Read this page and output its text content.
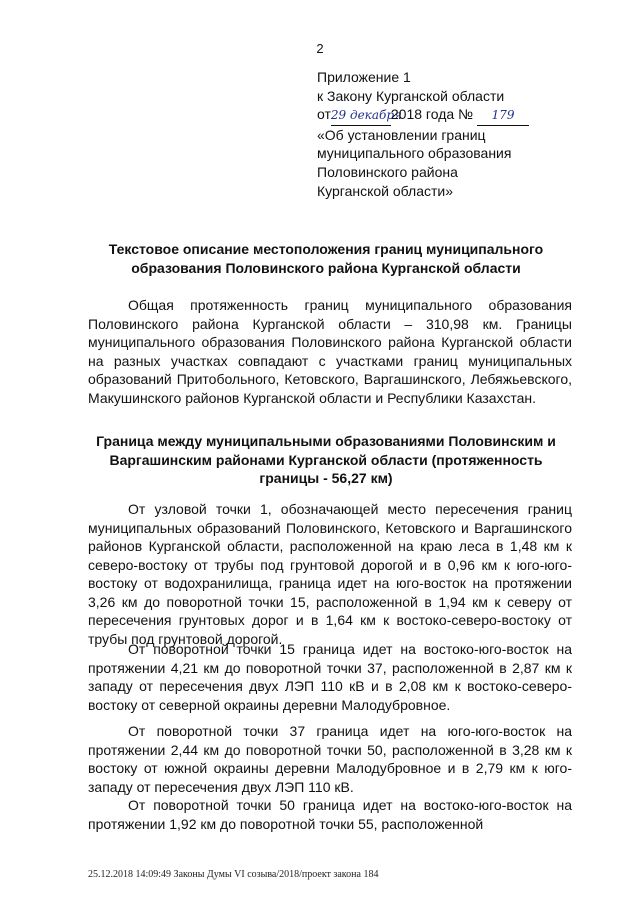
2
Приложение 1
к Закону Курганской области
от29 декабря2018 года № 179
«Об установлении границ
муниципального образования
Половинского района
Курганской области»
Текстовое описание местоположения границ муниципального образования Половинского района Курганской области
Общая протяженность границ муниципального образования Половинского района Курганской области – 310,98 км. Границы муниципального образования Половинского района Курганской области на разных участках совпадают с участками границ муниципальных образований Притобольного, Кетовского, Варгашинского, Лебяжьевского, Макушинского районов Курганской области и Республики Казахстан.
Граница между муниципальными образованиями Половинским и Варгашинским районами Курганской области (протяженность границы - 56,27 км)
От узловой точки 1, обозначающей место пересечения границ муниципальных образований Половинского, Кетовского и Варгашинского районов Курганской области, расположенной на краю леса в 1,48 км к северо-востоку от трубы под грунтовой дорогой и в 0,96 км к юго-юго-востоку от водохранилища, граница идет на юго-восток на протяжении 3,26 км до поворотной точки 15, расположенной в 1,94 км к северу от пересечения грунтовых дорог и в 1,64 км к востоко-северо-востоку от трубы под грунтовой дорогой.
От поворотной точки 15 граница идет на востоко-юго-восток на протяжении 4,21 км до поворотной точки 37, расположенной в 2,87 км к западу от пересечения двух ЛЭП 110 кВ и в 2,08 км к востоко-северо-востоку от северной окраины деревни Малодубровное.
От поворотной точки 37 граница идет на юго-юго-восток на протяжении 2,44 км до поворотной точки 50, расположенной в 3,28 км к востоку от южной окраины деревни Малодубровное и в 2,79 км к юго-западу от пересечения двух ЛЭП 110 кВ.
От поворотной точки 50 граница идет на востоко-юго-восток на протяжении 1,92 км до поворотной точки 55, расположенной
25.12.2018 14:09:49 Законы Думы VI созыва/2018/проект закона 184
